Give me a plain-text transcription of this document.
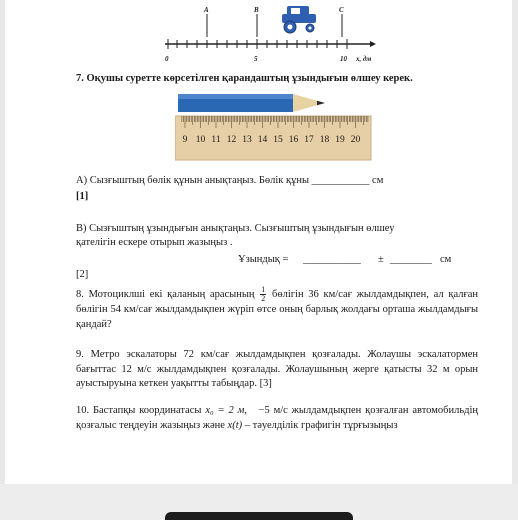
A	B	C
0	5	10 x, дм
7. Оқушы суретте көрсетілген қарандаштың ұзындығын өлшеу керек.
9 10 11 12 13 14 15 16 17 18 19 20
А) Сызғыштың бөлік құнын анықтаңыз. Бөлік құны ___________ см
[1]
В) Сызғыштың ұзындығын анықтаңыз. Сызғыштың ұзындығын өлшеу
қателігін ескере отырып жазыңыз .
Ұзындық = ___________ ± ________ см
[2]
8. Мотоциклші екі қаланың арасының $\frac{1}{2}$ бөлігін 36 км/сағ жылдамдықпен, ал қалған бөлігін 54 км/сағ жылдамдықпен жүріп өтсе оның барлық жолдағы орташа жылдамдығы қандай?
9. Метро эскалаторы 72 км/сағ жылдамдықпен қозғалады. Жолаушы эскалатормен бағыттас 12 м/с жылдамдықпен қозғалады. Жолаушының жерге қатысты 32 м орын ауыстыруына кеткен уақытты табыңдар. [3]
10. Бастапқы координатасы x₀ = 2 м, −5 м/с жылдамдықпен қозғалған автомобильдің қозғалыс теңдеуін жазыңыз және x(t) – тәуелділік графигін тұрғызыңыз
